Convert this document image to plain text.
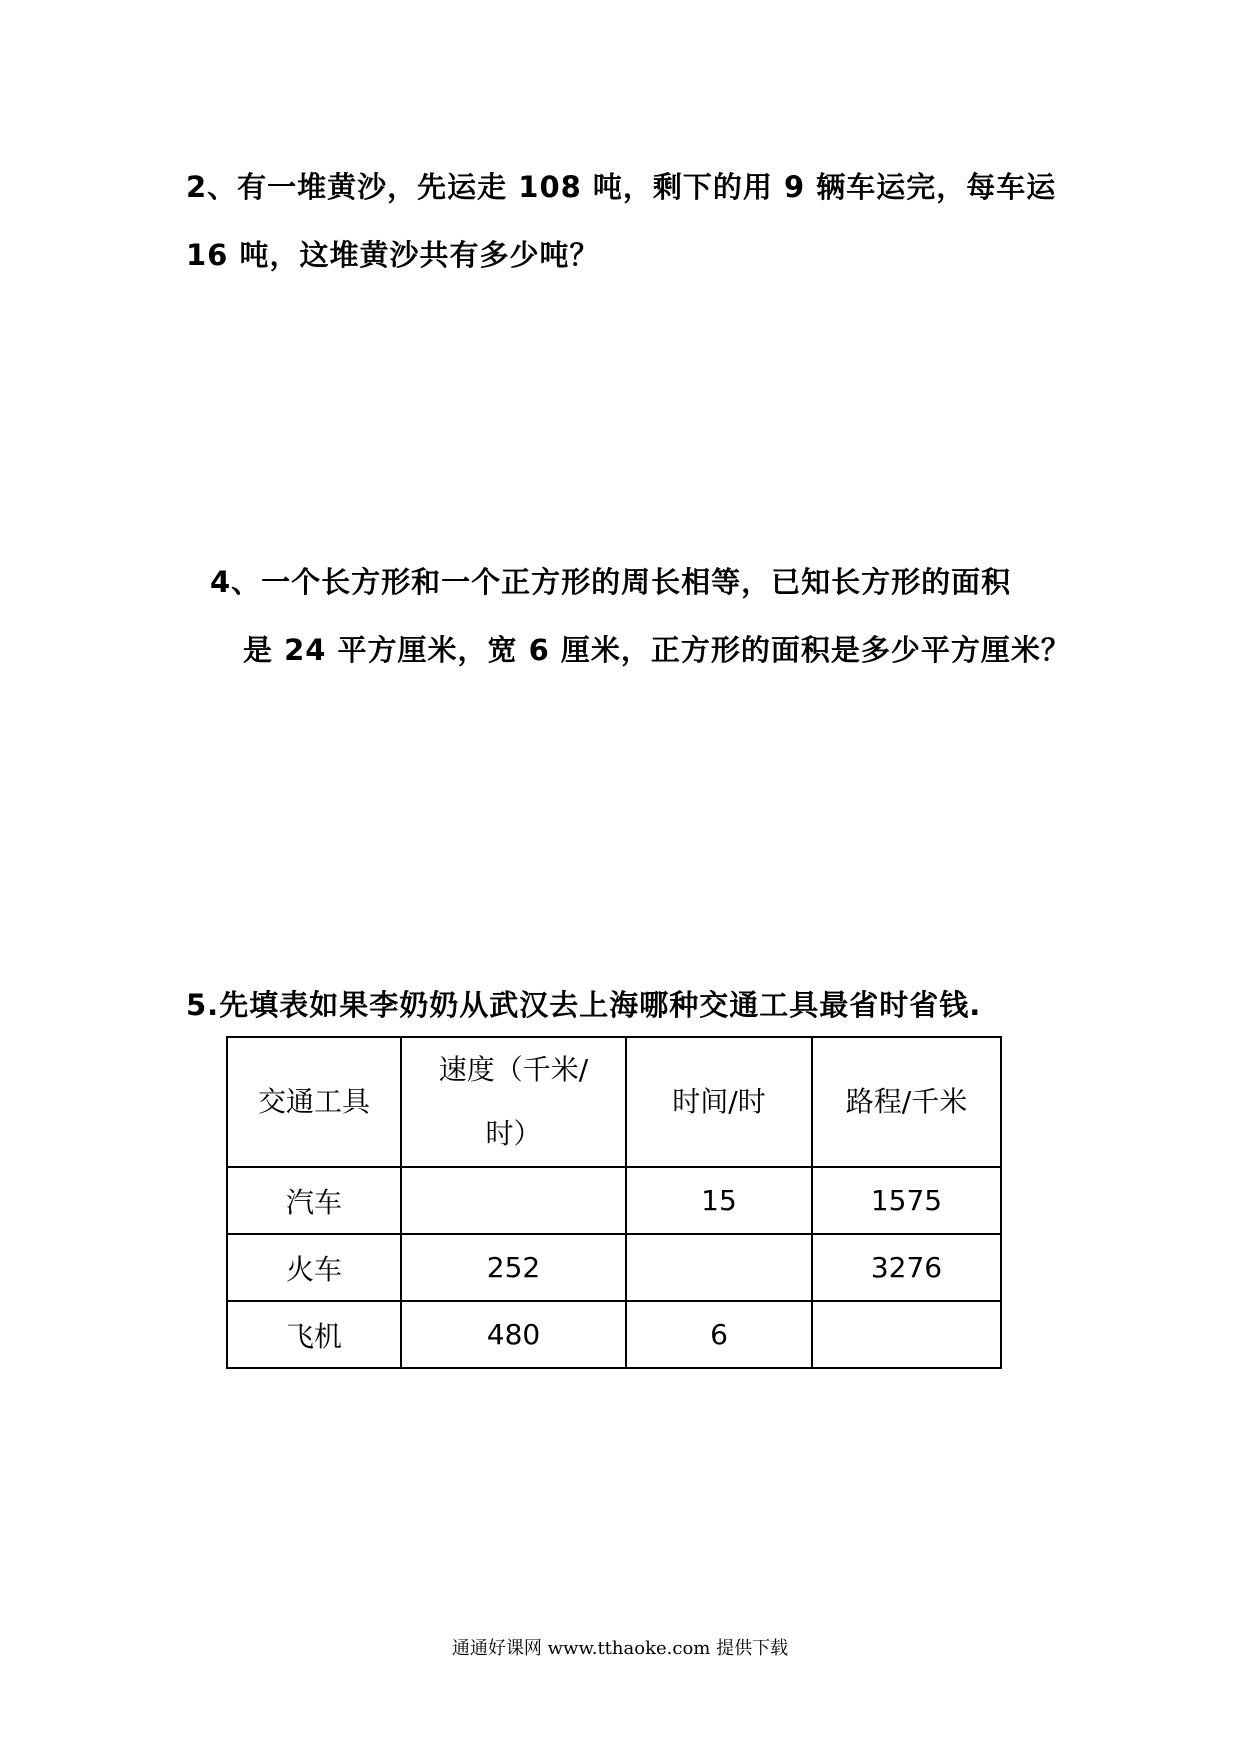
2、有一堆黄沙，先运走 108 吨，剩下的用 9 辆车运完，每车运
16 吨，这堆黄沙共有多少吨？
4、一个长方形和一个正方形的周长相等，已知长方形的面积
是 24 平方厘米，宽 6 厘米，正方形的面积是多少平方厘米？
5.先填表如果李奶奶从武汉去上海哪种交通工具最省时省钱.
交通工具	速度（千米/时）	时间/时	路程/千米
汽车		15	1575
火车	252		3276
飞机	480	6	
通通好课网 www.tthaoke.com 提供下载
